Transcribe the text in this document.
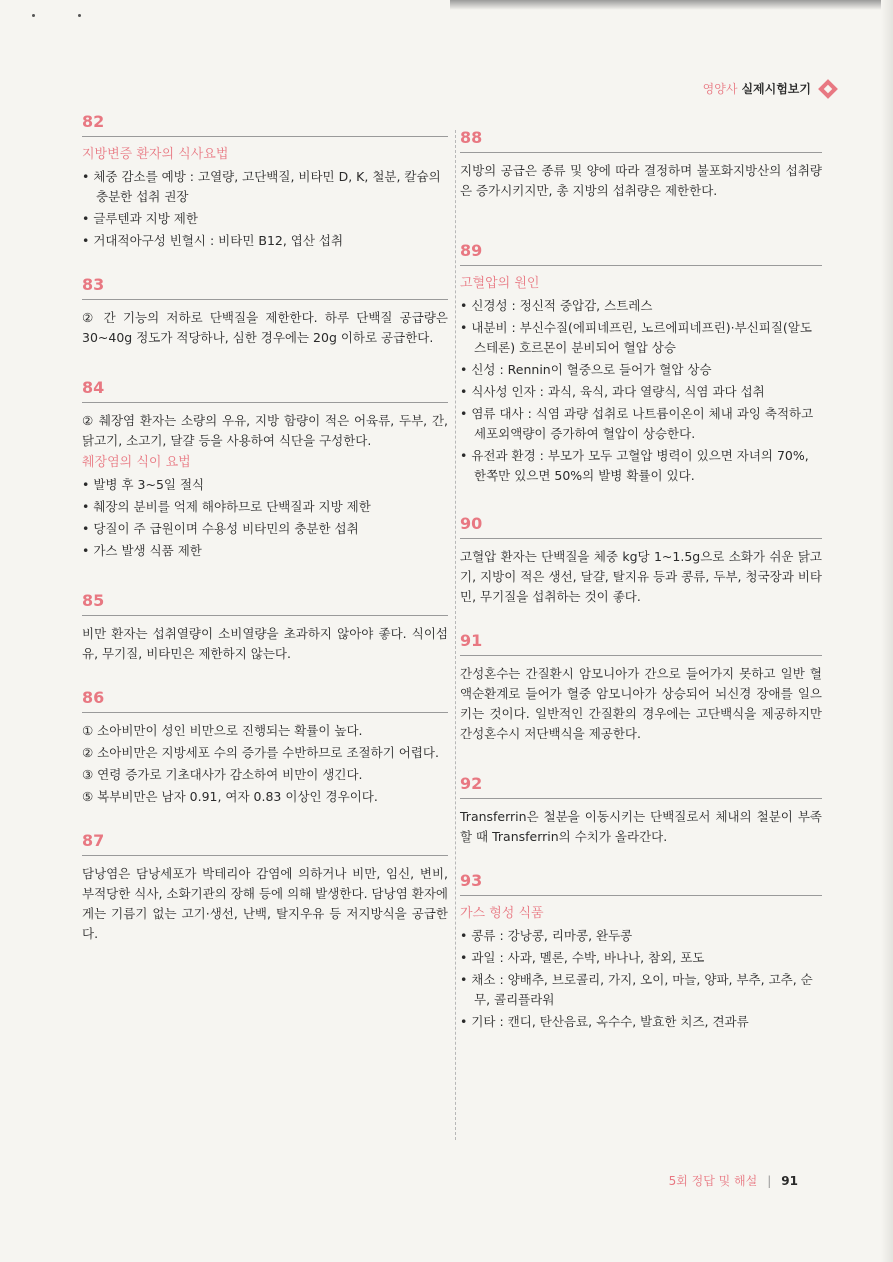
영양사 실제시험보기
82
지방변증 환자의 식사요법
• 체중 감소를 예방 : 고열량, 고단백질, 비타민 D, K, 철분, 칼슘의 충분한 섭취 권장
• 글루텐과 지방 제한
• 거대적아구성 빈혈시 : 비타민 B12, 엽산 섭취
83

② 간 기능의 저하로 단백질을 제한한다. 하루 단백질 공급량은 30~40g 정도가 적당하나, 심한 경우에는 20g 이하로 공급한다.

84

② 췌장염 환자는 소량의 우유, 지방 함량이 적은 어육류, 두부, 간, 닭고기, 소고기, 달걀 등을 사용하여 식단을 구성한다.

췌장염의 식이 요법
• 발병 후 3~5일 절식
• 췌장의 분비를 억제 해야하므로 단백질과 지방 제한
• 당질이 주 급원이며 수용성 비타민의 충분한 섭취
• 가스 발생 식품 제한
85

비만 환자는 섭취열량이 소비열량을 초과하지 않아야 좋다. 식이섬유, 무기질, 비타민은 제한하지 않는다.

86
① 소아비만이 성인 비만으로 진행되는 확률이 높다.
② 소아비만은 지방세포 수의 증가를 수반하므로 조절하기 어렵다.
③ 연령 증가로 기초대사가 감소하여 비만이 생긴다.
⑤ 복부비만은 남자 0.91, 여자 0.83 이상인 경우이다.
87

담낭염은 담낭세포가 박테리아 감염에 의하거나 비만, 임신, 변비, 부적당한 식사, 소화기관의 장해 등에 의해 발생한다. 담낭염 환자에게는 기름기 없는 고기·생선, 난백, 탈지우유 등 저지방식을 공급한다.

88

지방의 공급은 종류 및 양에 따라 결정하며 불포화지방산의 섭취량은 증가시키지만, 총 지방의 섭취량은 제한한다.

89
고혈압의 원인
• 신경성 : 정신적 중압감, 스트레스
• 내분비 : 부신수질(에피네프린, 노르에피네프린)·부신피질(알도스테론) 호르몬이 분비되어 혈압 상승
• 신성 : Rennin이 혈중으로 들어가 혈압 상승
• 식사성 인자 : 과식, 육식, 과다 열량식, 식염 과다 섭취
• 염류 대사 : 식염 과량 섭취로 나트륨이온이 체내 과잉 축적하고 세포외액량이 증가하여 혈압이 상승한다.
• 유전과 환경 : 부모가 모두 고혈압 병력이 있으면 자녀의 70%, 한쪽만 있으면 50%의 발병 확률이 있다.
90

고혈압 환자는 단백질을 체중 kg당 1~1.5g으로 소화가 쉬운 닭고기, 지방이 적은 생선, 달걀, 탈지유 등과 콩류, 두부, 청국장과 비타민, 무기질을 섭취하는 것이 좋다.

91

간성혼수는 간질환시 암모니아가 간으로 들어가지 못하고 일반 혈액순환계로 들어가 혈중 암모니아가 상승되어 뇌신경 장애를 일으키는 것이다. 일반적인 간질환의 경우에는 고단백식을 제공하지만 간성혼수시 저단백식을 제공한다.

92

Transferrin은 철분을 이동시키는 단백질로서 체내의 철분이 부족할 때 Transferrin의 수치가 올라간다.

93
가스 형성 식품
• 콩류 : 강낭콩, 리마콩, 완두콩
• 과일 : 사과, 멜론, 수박, 바나나, 참외, 포도
• 채소 : 양배추, 브로콜리, 가지, 오이, 마늘, 양파, 부추, 고추, 순무, 콜리플라워
• 기타 : 캔디, 탄산음료, 옥수수, 발효한 치즈, 견과류
5회 정답 및 해설 | 91
